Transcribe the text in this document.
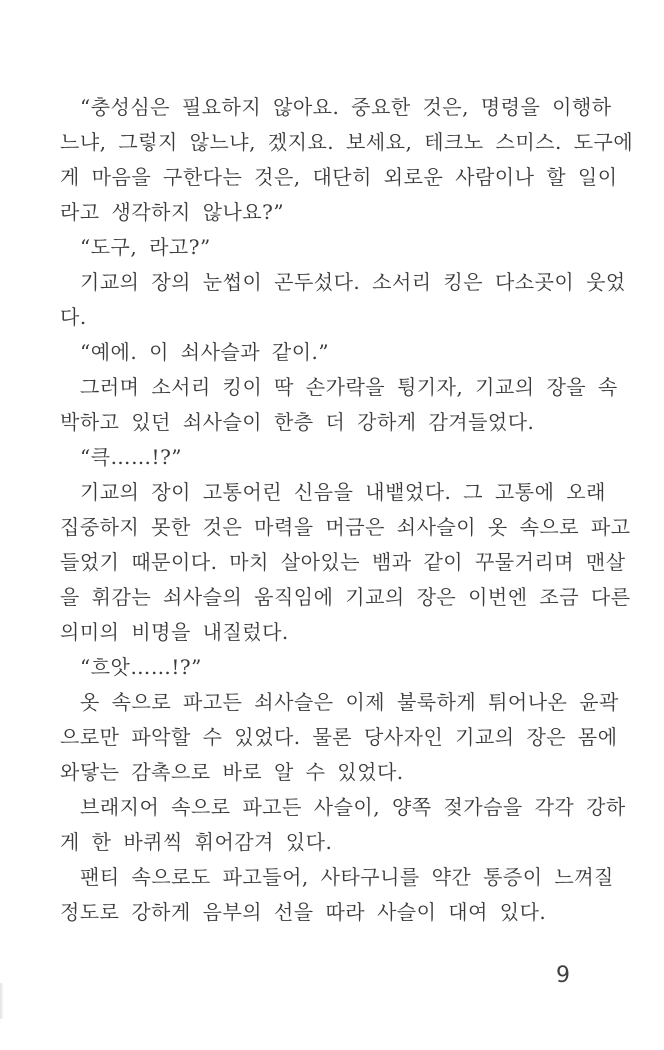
“충성심은 필요하지 않아요. 중요한 것은, 명령을 이행하
느냐, 그렇지 않느냐, 겠지요. 보세요, 테크노 스미스. 도구에
게 마음을 구한다는 것은, 대단히 외로운 사람이나 할 일이
라고 생각하지 않나요?”
“도구, 라고?”
기교의 장의 눈썹이 곤두섰다. 소서리 킹은 다소곳이 웃었
다.
“예에. 이 쇠사슬과 같이.”
그러며 소서리 킹이 딱 손가락을 튕기자, 기교의 장을 속
박하고 있던 쇠사슬이 한층 더 강하게 감겨들었다.
“큭……!?”
기교의 장이 고통어린 신음을 내뱉었다. 그 고통에 오래
집중하지 못한 것은 마력을 머금은 쇠사슬이 옷 속으로 파고
들었기 때문이다. 마치 살아있는 뱀과 같이 꾸물거리며 맨살
을 휘감는 쇠사슬의 움직임에 기교의 장은 이번엔 조금 다른
의미의 비명을 내질렀다.
“흐앗……!?”
옷 속으로 파고든 쇠사슬은 이제 불룩하게 튀어나온 윤곽
으로만 파악할 수 있었다. 물론 당사자인 기교의 장은 몸에
와닿는 감촉으로 바로 알 수 있었다.
브래지어 속으로 파고든 사슬이, 양쪽 젖가슴을 각각 강하
게 한 바퀴씩 휘어감겨 있다.
팬티 속으로도 파고들어, 사타구니를 약간 통증이 느껴질
정도로 강하게 음부의 선을 따라 사슬이 대여 있다.
9
